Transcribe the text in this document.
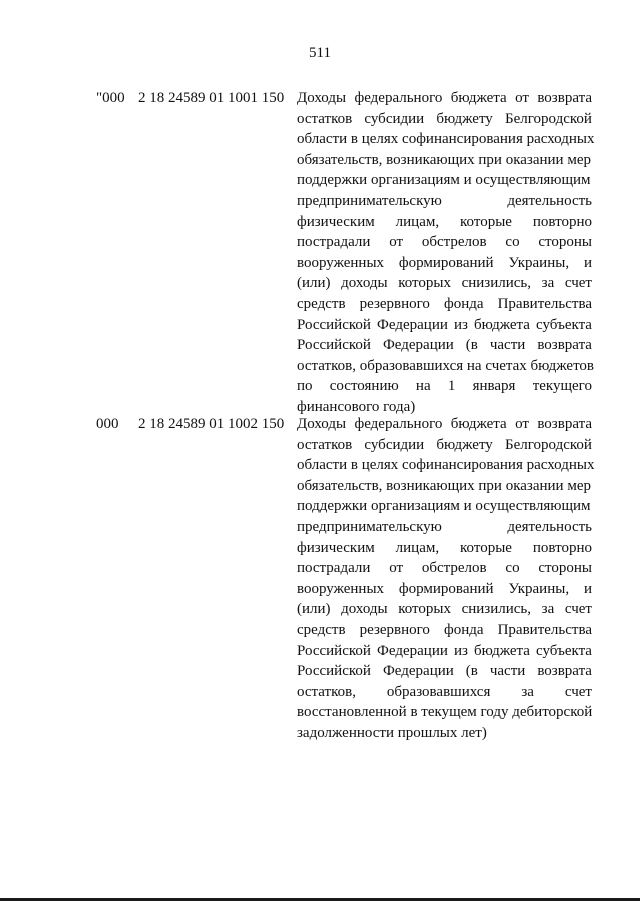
511
"000 2 18 24589 01 1001 150 Доходы федерального бюджета от возврата
остатков субсидии бюджету Белгородской
области в целях софинансирования расходных
обязательств, возникающих при оказании мер
поддержки организациям и осуществляющим
предпринимательскую	деятельность
физическим лицам, которые повторно
пострадали от обстрелов со стороны
вооруженных формирований Украины, и
(или) доходы которых снизились, за счет
средств резервного фонда Правительства
Российской Федерации из бюджета субъекта
Российской Федерации (в части возврата
остатков, образовавшихся на счетах бюджетов
по состоянию на 1 января текущего
финансового года)
000 2 18 24589 01 1002 150 Доходы федерального бюджета от возврата
остатков субсидии бюджету Белгородской
области в целях софинансирования расходных
обязательств, возникающих при оказании мер
поддержки организациям и осуществляющим
предпринимательскую	деятельность
физическим лицам, которые повторно
пострадали от обстрелов со стороны
вооруженных формирований Украины, и
(или) доходы которых снизились, за счет
средств резервного фонда Правительства
Российской Федерации из бюджета субъекта
Российской Федерации (в части возврата
остатков, образовавшихся за счет
восстановленной в текущем году дебиторской
задолженности прошлых лет)
